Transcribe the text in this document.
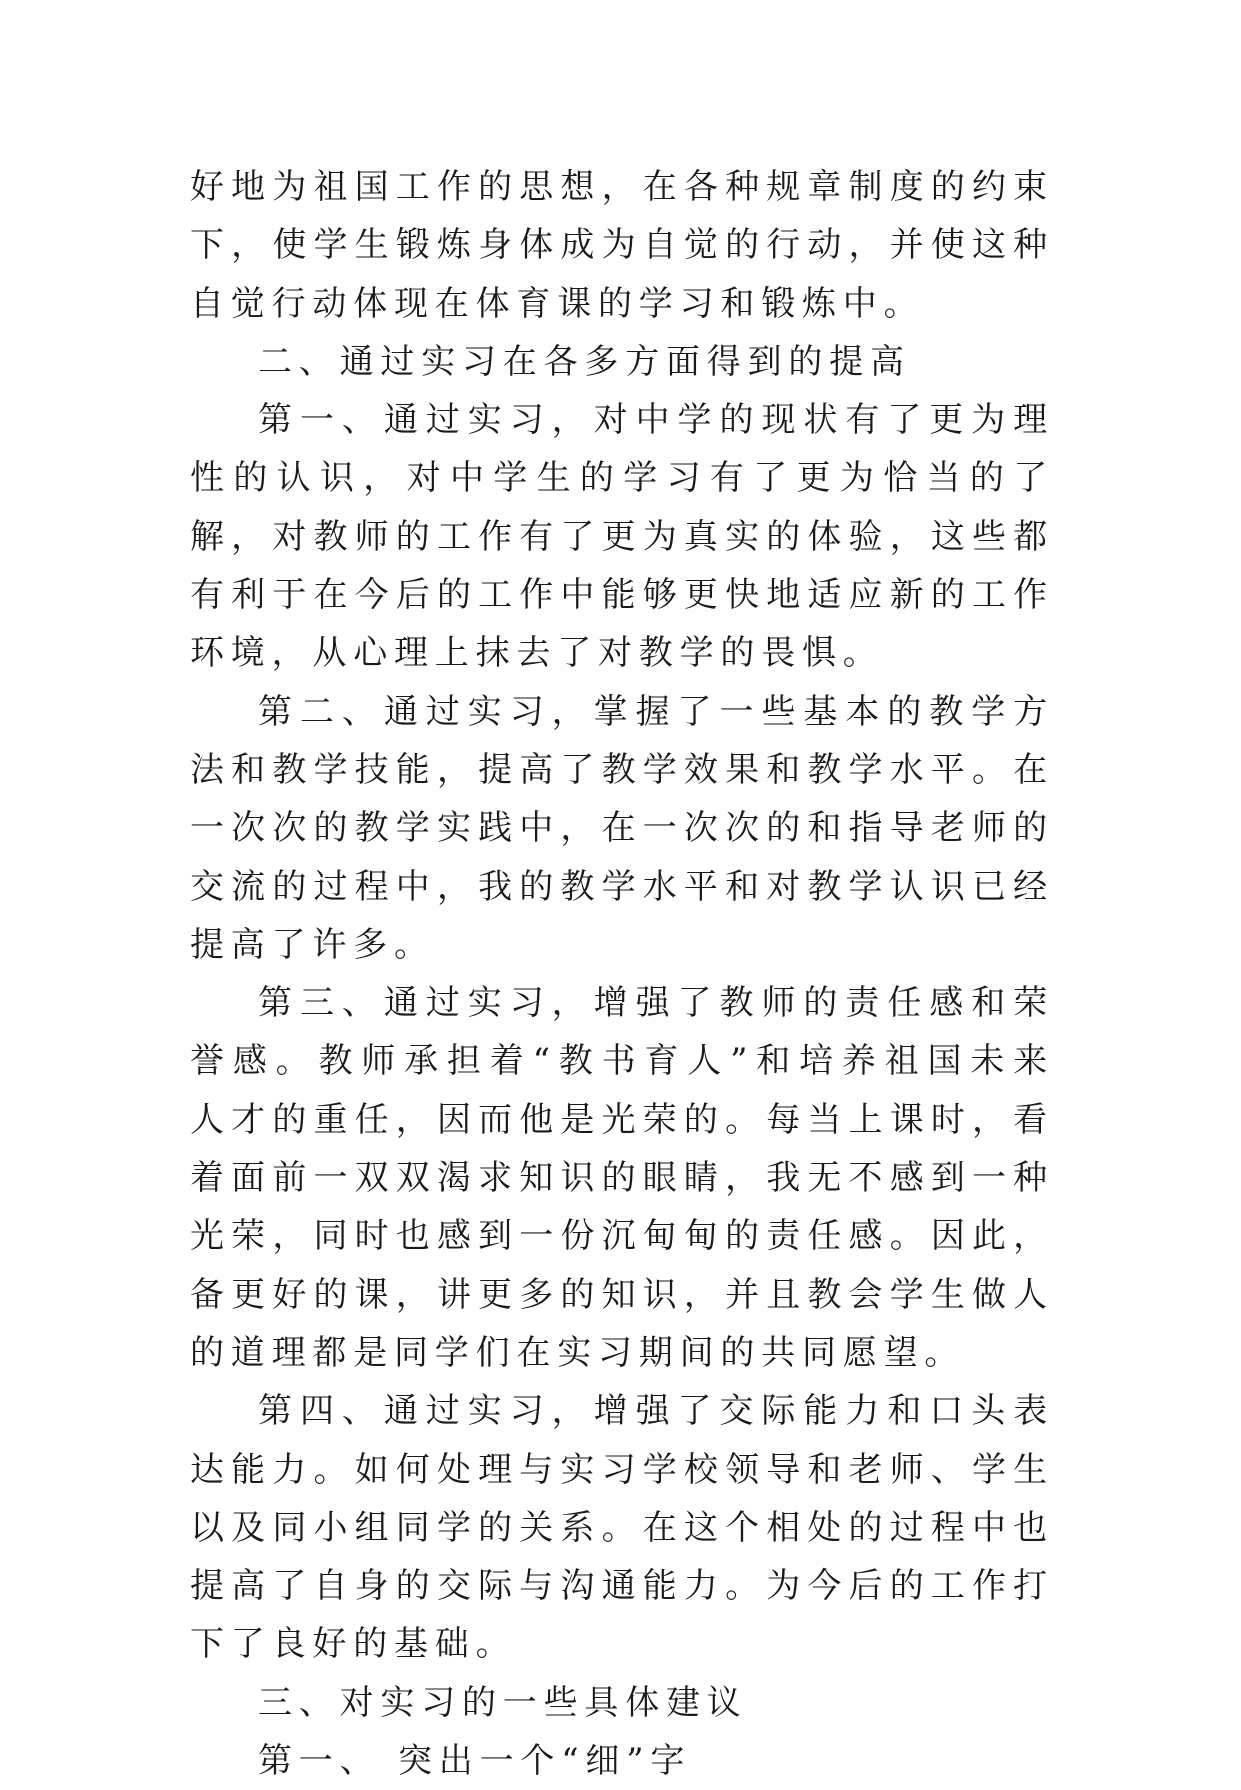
好地为祖国工作的思想，在各种规章制度的约束下，使学生锻炼身体成为自觉的行动，并使这种自觉行动体现在体育课的学习和锻炼中。

二、通过实习在各多方面得到的提高

第一、通过实习，对中学的现状有了更为理性的认识，对中学生的学习有了更为恰当的了解，对教师的工作有了更为真实的体验，这些都有利于在今后的工作中能够更快地适应新的工作环境，从心理上抹去了对教学的畏惧。

第二、通过实习，掌握了一些基本的教学方法和教学技能，提高了教学效果和教学水平。在一次次的教学实践中，在一次次的和指导老师的交流的过程中，我的教学水平和对教学认识已经提高了许多。

第三、通过实习，增强了教师的责任感和荣誉感。教师承担着“教书育人”和培养祖国未来人才的重任，因而他是光荣的。每当上课时，看着面前一双双渴求知识的眼睛，我无不感到一种光荣，同时也感到一份沉甸甸的责任感。因此，备更好的课，讲更多的知识，并且教会学生做人的道理都是同学们在实习期间的共同愿望。

第四、通过实习，增强了交际能力和口头表达能力。如何处理与实习学校领导和老师、学生以及同小组同学的关系。在这个相处的过程中也提高了自身的交际与沟通能力。为今后的工作打下了良好的基础。

三、对实习的一些具体建议

第一、 突出一个“细”字
